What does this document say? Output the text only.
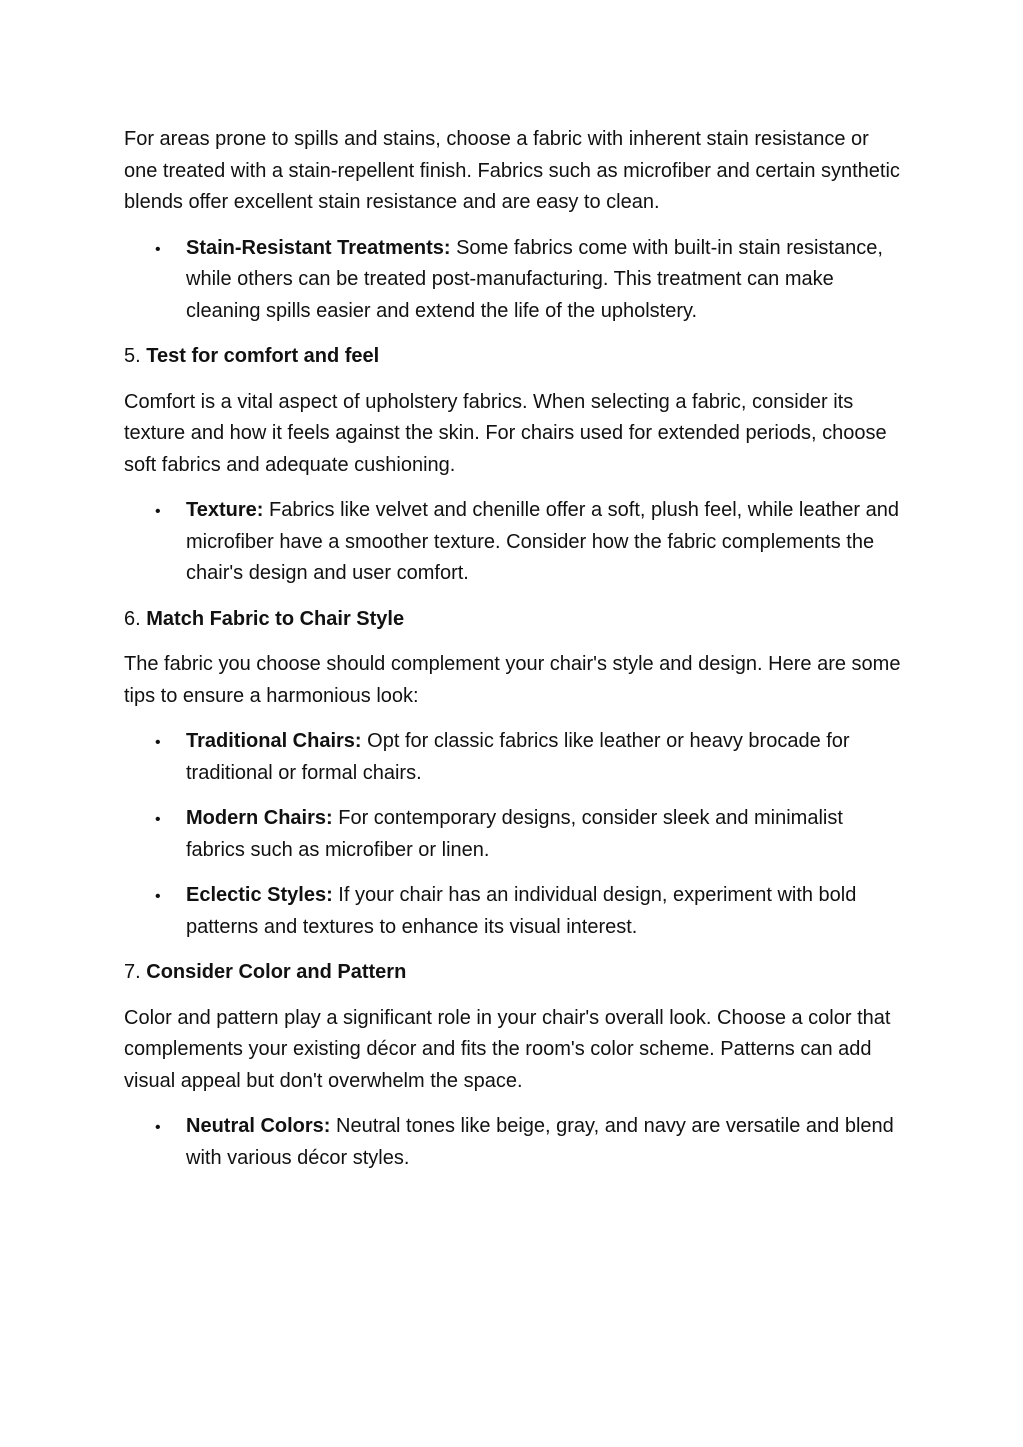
For areas prone to spills and stains, choose a fabric with inherent stain resistance or one treated with a stain-repellent finish. Fabrics such as microfiber and certain synthetic blends offer excellent stain resistance and are easy to clean.

•
Stain-Resistant Treatments: Some fabrics come with built-in stain resistance, while others can be treated post-manufacturing. This treatment can make cleaning spills easier and extend the life of the upholstery.

5. Test for comfort and feel

Comfort is a vital aspect of upholstery fabrics. When selecting a fabric, consider its texture and how it feels against the skin. For chairs used for extended periods, choose soft fabrics and adequate cushioning.

•
Texture: Fabrics like velvet and chenille offer a soft, plush feel, while leather and microfiber have a smoother texture. Consider how the fabric complements the chair's design and user comfort.

6. Match Fabric to Chair Style

The fabric you choose should complement your chair's style and design. Here are some tips to ensure a harmonious look:

•
Traditional Chairs: Opt for classic fabrics like leather or heavy brocade for traditional or formal chairs.
•
Modern Chairs: For contemporary designs, consider sleek and minimalist fabrics such as microfiber or linen.
•
Eclectic Styles: If your chair has an individual design, experiment with bold patterns and textures to enhance its visual interest.

7. Consider Color and Pattern

Color and pattern play a significant role in your chair's overall look. Choose a color that complements your existing décor and fits the room's color scheme. Patterns can add visual appeal but don't overwhelm the space.

•
Neutral Colors: Neutral tones like beige, gray, and navy are versatile and blend with various décor styles.
